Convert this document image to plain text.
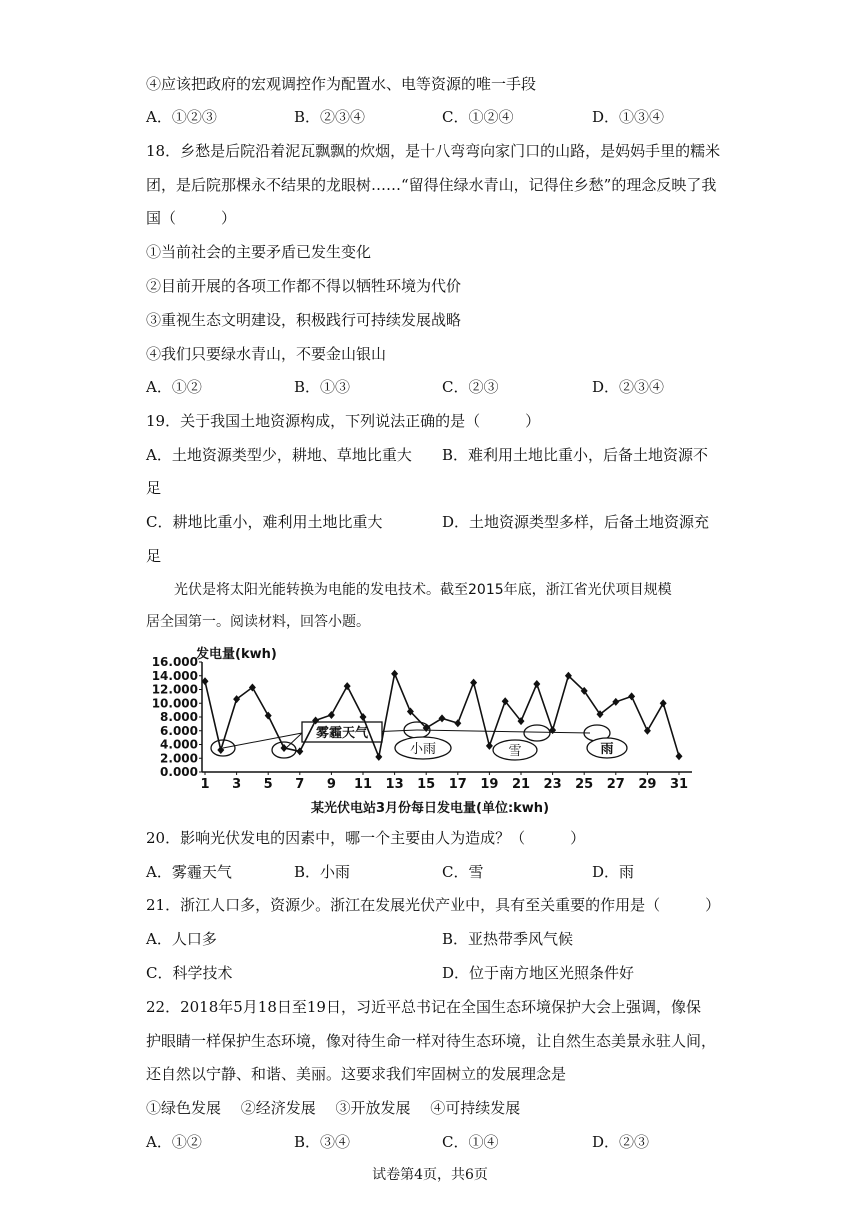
④应该把政府的宏观调控作为配置水、电等资源的唯一手段
A．①②③	B．②③④	C．①②④	D．①③④
18．乡愁是后院沿着泥瓦飘飘的炊烟，是十八弯弯向家门口的山路，是妈妈手里的糯米
团，是后院那棵永不结果的龙眼树……“留得住绿水青山，记得住乡愁”的理念反映了我
国（　　　）
①当前社会的主要矛盾已发生变化
②目前开展的各项工作都不得以牺牲环境为代价
③重视生态文明建设，积极践行可持续发展战略
④我们只要绿水青山，不要金山银山
A．①②	B．①③	C．②③	D．②③④
19．关于我国土地资源构成，下列说法正确的是（　　　）
A．土地资源类型少，耕地、草地比重大 B．难利用土地比重小，后备土地资源不
足
C．耕地比重小，难利用土地比重大	D．土地资源类型多样，后备土地资源充
足
光伏是将太阳光能转换为电能的发电技术。截至2015年底，浙江省光伏项目规模
居全国第一。阅读材料，回答小题。
发电量(kwh)
0.000
2.000
4.000
6.000
8.000
10.000
12.000
14.000
16.000
1 3 5 7 9 11 13 15 17 19 21 23 25 27 29 31
雾霾天气
小雨	雪	雨
某光伏电站3月份每日发电量(单位:kwh)
20．影响光伏发电的因素中，哪一个主要由人为造成？（　　　）
A．雾霾天气	B．小雨	C．雪	D．雨
21．浙江人口多，资源少。浙江在发展光伏产业中，具有至关重要的作用是（　　　）
A．人口多	B．亚热带季风气候
C．科学技术	D．位于南方地区光照条件好
22．2018年5月18日至19日，习近平总书记在全国生态环境保护大会上强调，像保
护眼睛一样保护生态环境，像对待生命一样对待生态环境，让自然生态美景永驻人间，
还自然以宁静、和谐、美丽。这要求我们牢固树立的发展理念是
①绿色发展　 ②经济发展　 ③开放发展　 ④可持续发展
A．①②	B．③④	C．①④	D．②③
试卷第4页，共6页
